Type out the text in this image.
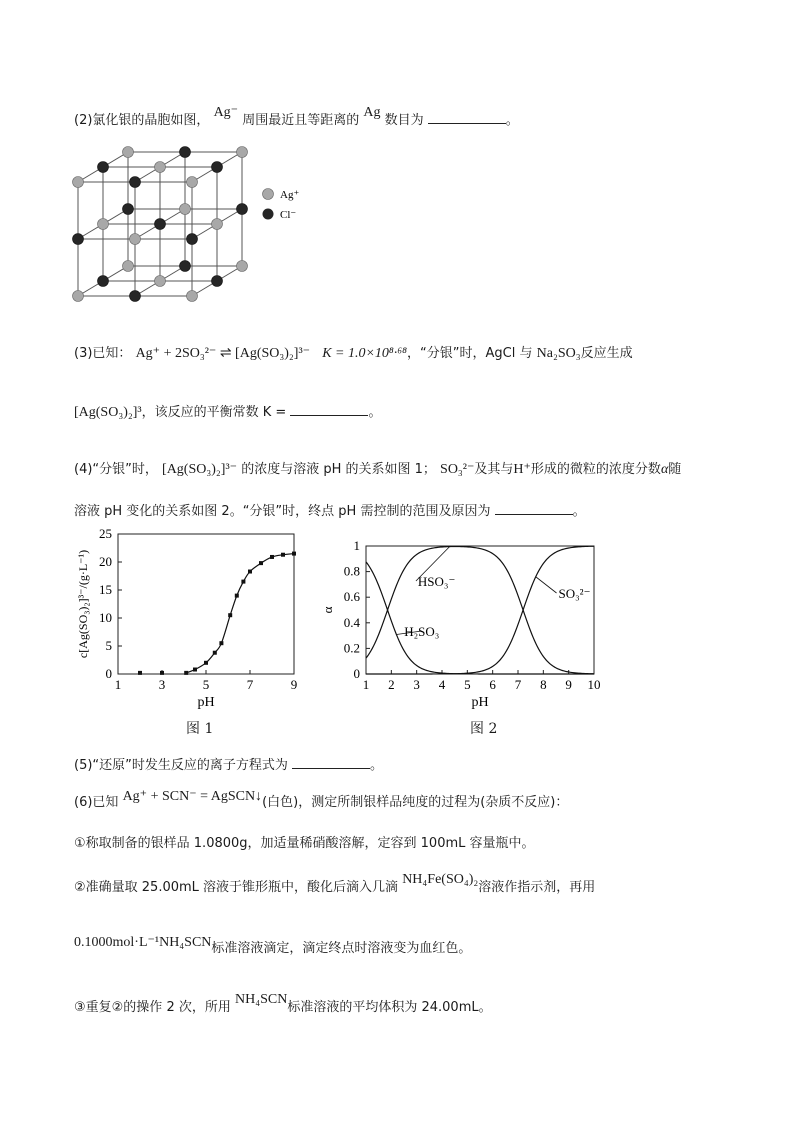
(2)氯化银的晶胞如图， Ag⁻ 周围最近且等距离的 Ag 数目为	。
Ag⁺
Cl⁻
(3)已知： Ag⁺ + 2SO₃²⁻ ⇌ [Ag(SO₃)₂]³⁻ K = 1.0×10⁸·⁶⁸，“分银”时，AgCl 与 Na₂SO₃反应生成
[Ag(SO₃)₂]³，该反应的平衡常数 K =	。
(4)“分银”时， [Ag(SO₃)₂]³⁻ 的浓度与溶液 pH 的关系如图 1； SO₃²⁻及其与H⁺形成的微粒的浓度分数α随
溶液 pH 变化的关系如图 2。“分银”时，终点 pH 需控制的范围及原因为	。
1	3	5	7	9
0
5
10
15
20
25
pH
c[Ag(SO₃)₂]³⁻/(g·L⁻¹)
图 1
1 2 3 4 5 6 7 8 9 10
0
0.2
0.4
0.6
0.8
1
pH
α
SO₃²⁻
HSO₃⁻
H₂SO₃
图 2
(5)“还原”时发生反应的离子方程式为	。
(6)已知 Ag⁺ + SCN⁻ = AgSCN↓(白色)，测定所制银样品纯度的过程为(杂质不反应)：
①称取制备的银样品 1.0800g，加适量稀硝酸溶解，定容到 100mL 容量瓶中。
②准确量取 25.00mL 溶液于锥形瓶中，酸化后滴入几滴 NH₄Fe(SO₄)₂溶液作指示剂，再用
0.1000mol·L⁻¹NH₄SCN标准溶液滴定，滴定终点时溶液变为血红色。
③重复②的操作 2 次，所用 NH₄SCN标准溶液的平均体积为 24.00mL。
